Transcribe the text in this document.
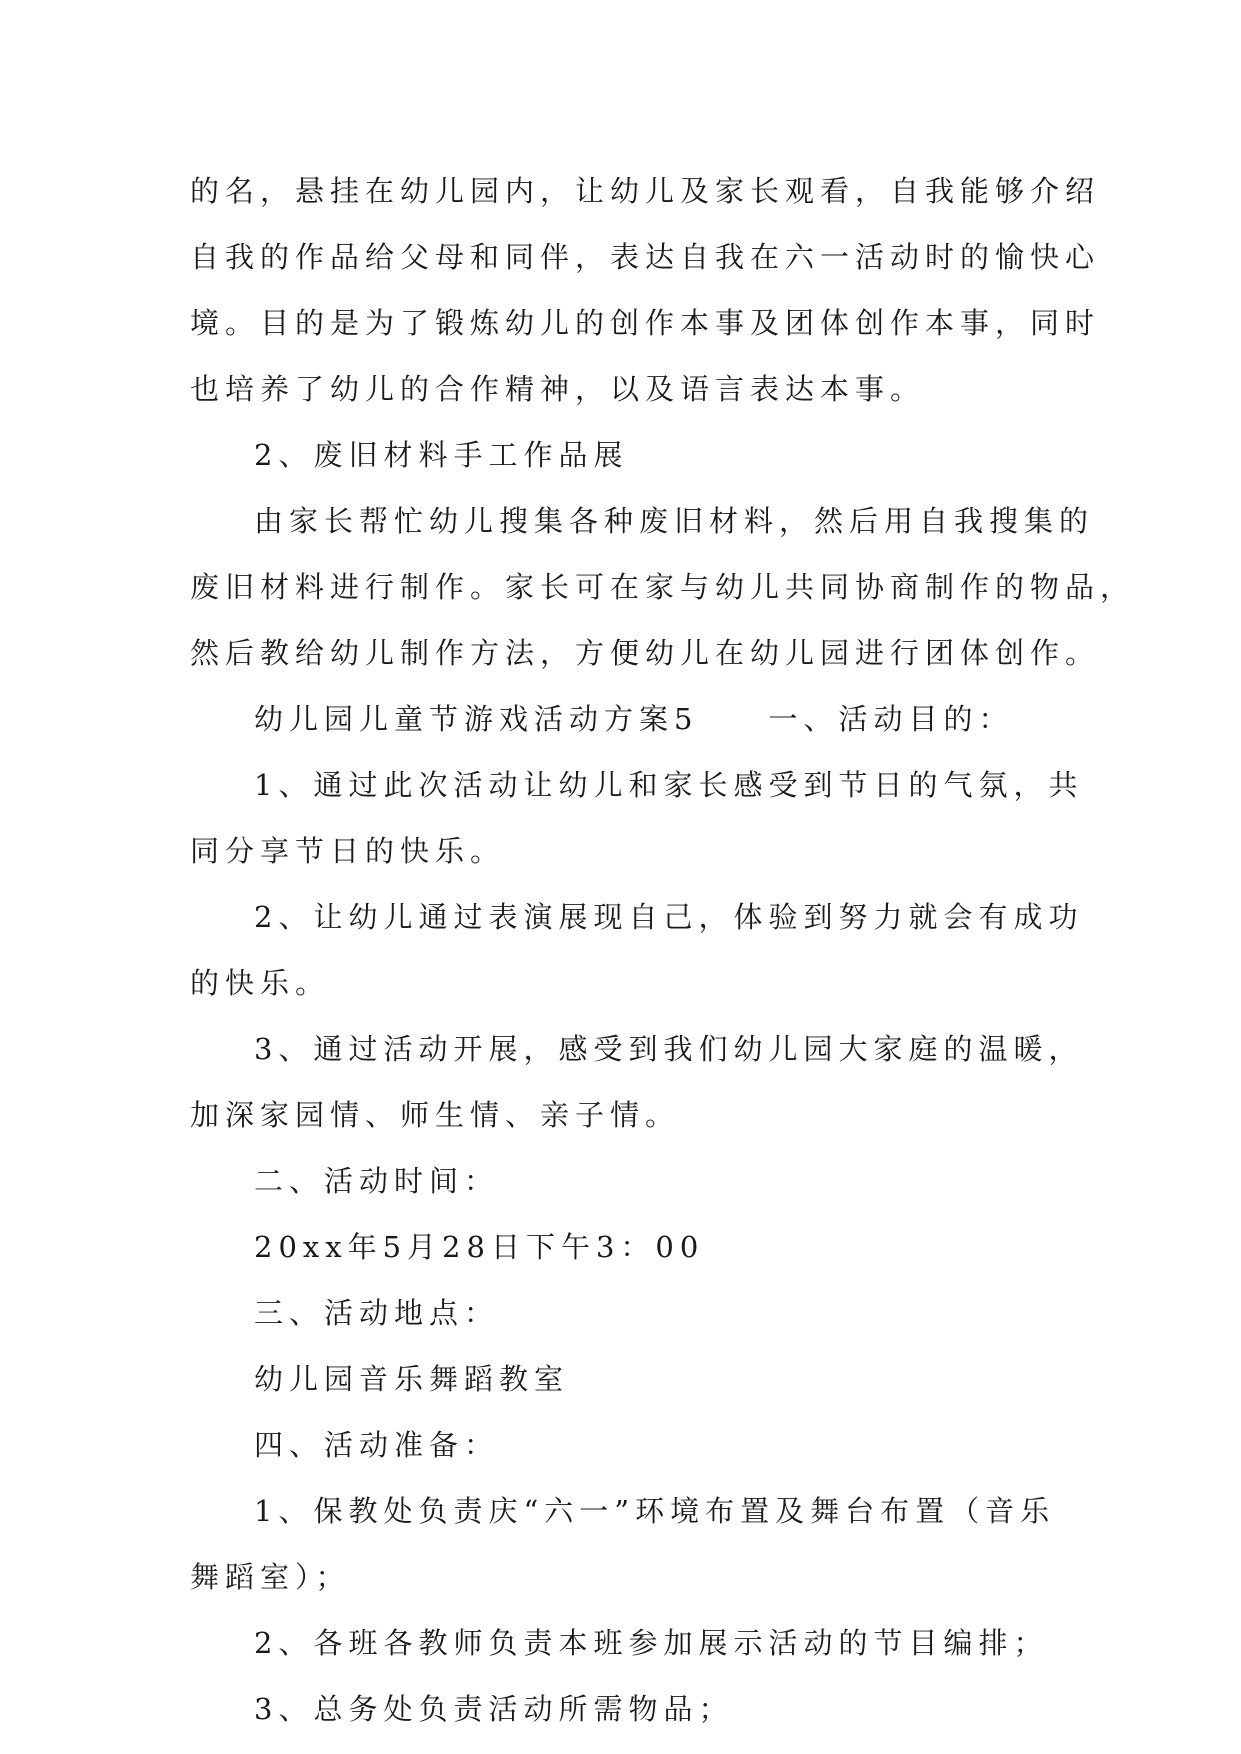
的名，悬挂在幼儿园内，让幼儿及家长观看，自我能够介绍
自我的作品给父母和同伴，表达自我在六一活动时的愉快心
境。目的是为了锻炼幼儿的创作本事及团体创作本事，同时
也培养了幼儿的合作精神，以及语言表达本事。
2、废旧材料手工作品展
由家长帮忙幼儿搜集各种废旧材料，然后用自我搜集的
废旧材料进行制作。家长可在家与幼儿共同协商制作的物品，
然后教给幼儿制作方法，方便幼儿在幼儿园进行团体创作。
幼儿园儿童节游戏活动方案5　　一、活动目的：
1、通过此次活动让幼儿和家长感受到节日的气氛，共
同分享节日的快乐。
2、让幼儿通过表演展现自己，体验到努力就会有成功
的快乐。
3、通过活动开展，感受到我们幼儿园大家庭的温暖，
加深家园情、师生情、亲子情。
二、活动时间：
20xx年5月28日下午3：00
三、活动地点：
幼儿园音乐舞蹈教室
四、活动准备：
1、保教处负责庆“六一”环境布置及舞台布置（音乐
舞蹈室）；
2、各班各教师负责本班参加展示活动的节目编排；
3、总务处负责活动所需物品；
